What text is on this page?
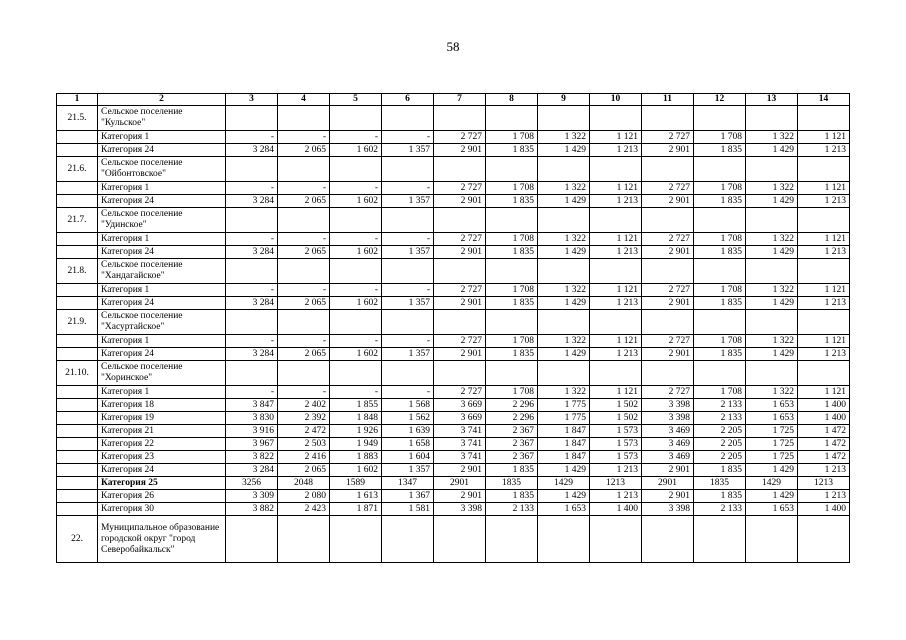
58
1	2	3	4	5	6	7	8	9	10	11	12	13	14
21.5.	Сельское поселение "Кульское"												
	Категория 1	-	-	-	-	2 727	1 708	1 322	1 121	2 727	1 708	1 322	1 121
	Категория 24	3 284	2 065	1 602	1 357	2 901	1 835	1 429	1 213	2 901	1 835	1 429	1 213
21.6.	Сельское поселение "Ойбонтовское"												
	Категория 1	-	-	-	-	2 727	1 708	1 322	1 121	2 727	1 708	1 322	1 121
	Категория 24	3 284	2 065	1 602	1 357	2 901	1 835	1 429	1 213	2 901	1 835	1 429	1 213
21.7.	Сельское поселение "Удинское"												
	Категория 1	-	-	-	-	2 727	1 708	1 322	1 121	2 727	1 708	1 322	1 121
	Категория 24	3 284	2 065	1 602	1 357	2 901	1 835	1 429	1 213	2 901	1 835	1 429	1 213
21.8.	Сельское поселение "Хандагайское"												
	Категория 1	-	-	-	-	2 727	1 708	1 322	1 121	2 727	1 708	1 322	1 121
	Категория 24	3 284	2 065	1 602	1 357	2 901	1 835	1 429	1 213	2 901	1 835	1 429	1 213
21.9.	Сельское поселение "Хасуртайское"												
	Категория 1	-	-	-	-	2 727	1 708	1 322	1 121	2 727	1 708	1 322	1 121
	Категория 24	3 284	2 065	1 602	1 357	2 901	1 835	1 429	1 213	2 901	1 835	1 429	1 213
21.10.	Сельское поселение "Хоринское"												
	Категория 1	-	-	-	-	2 727	1 708	1 322	1 121	2 727	1 708	1 322	1 121
	Категория 18	3 847	2 402	1 855	1 568	3 669	2 296	1 775	1 502	3 398	2 133	1 653	1 400
	Категория 19	3 830	2 392	1 848	1 562	3 669	2 296	1 775	1 502	3 398	2 133	1 653	1 400
	Категория 21	3 916	2 472	1 926	1 639	3 741	2 367	1 847	1 573	3 469	2 205	1 725	1 472
	Категория 22	3 967	2 503	1 949	1 658	3 741	2 367	1 847	1 573	3 469	2 205	1 725	1 472
	Категория 23	3 822	2 416	1 883	1 604	3 741	2 367	1 847	1 573	3 469	2 205	1 725	1 472
	Категория 24	3 284	2 065	1 602	1 357	2 901	1 835	1 429	1 213	2 901	1 835	1 429	1 213
	Категория 25	3256	2048	1589	1347	2901	1835	1429	1213	2901	1835	1429	1213
	Категория 26	3 309	2 080	1 613	1 367	2 901	1 835	1 429	1 213	2 901	1 835	1 429	1 213
	Категория 30	3 882	2 423	1 871	1 581	3 398	2 133	1 653	1 400	3 398	2 133	1 653	1 400
22.	Муниципальное образование городской округ "город Северобайкальск"												
